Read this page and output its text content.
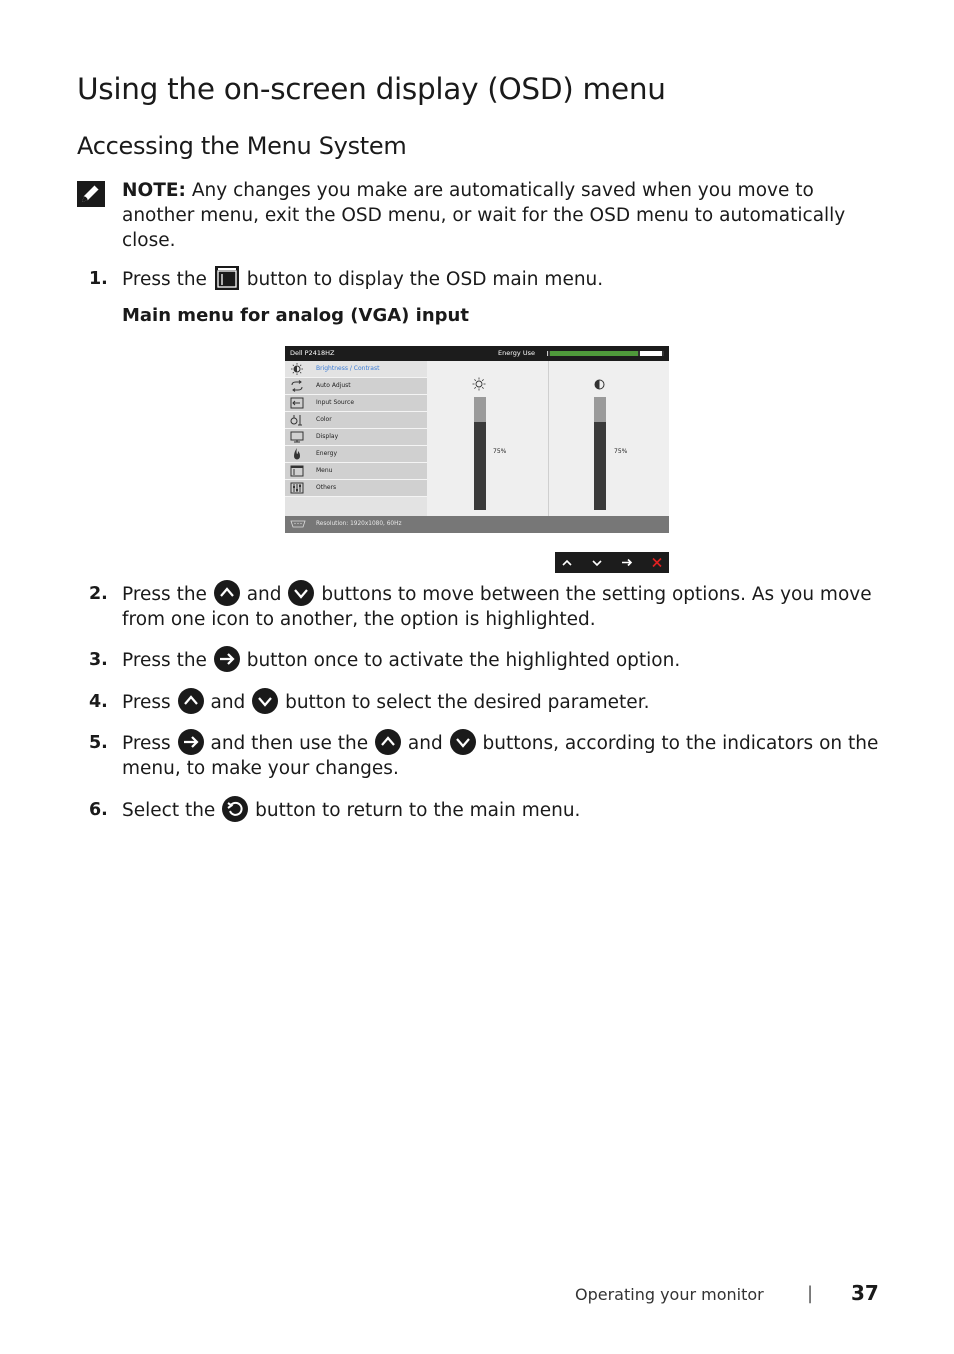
Using the on-screen display (OSD) menu
Accessing the Menu System
NOTE: Any changes you make are automatically saved when you move to another menu, exit the OSD menu, or wait for the OSD menu to automatically close.
1. Press the button to display the OSD main menu.
Main menu for analog (VGA) input
Dell P2418HZ	Energy Use
Brightness / Contrast
Auto Adjust
Input Source
Color
Display
Energy
Menu
Others
75%	75%
Resolution: 1920x1080, 60Hz
2. Press the and buttons to move between the setting options. As you move from one icon to another, the option is highlighted.
3. Press the button once to activate the highlighted option.
4. Press and button to select the desired parameter.
5. Press and then use the and buttons, according to the indicators on the menu, to make your changes.
6. Select the button to return to the main menu.
Operating your monitor | 37
